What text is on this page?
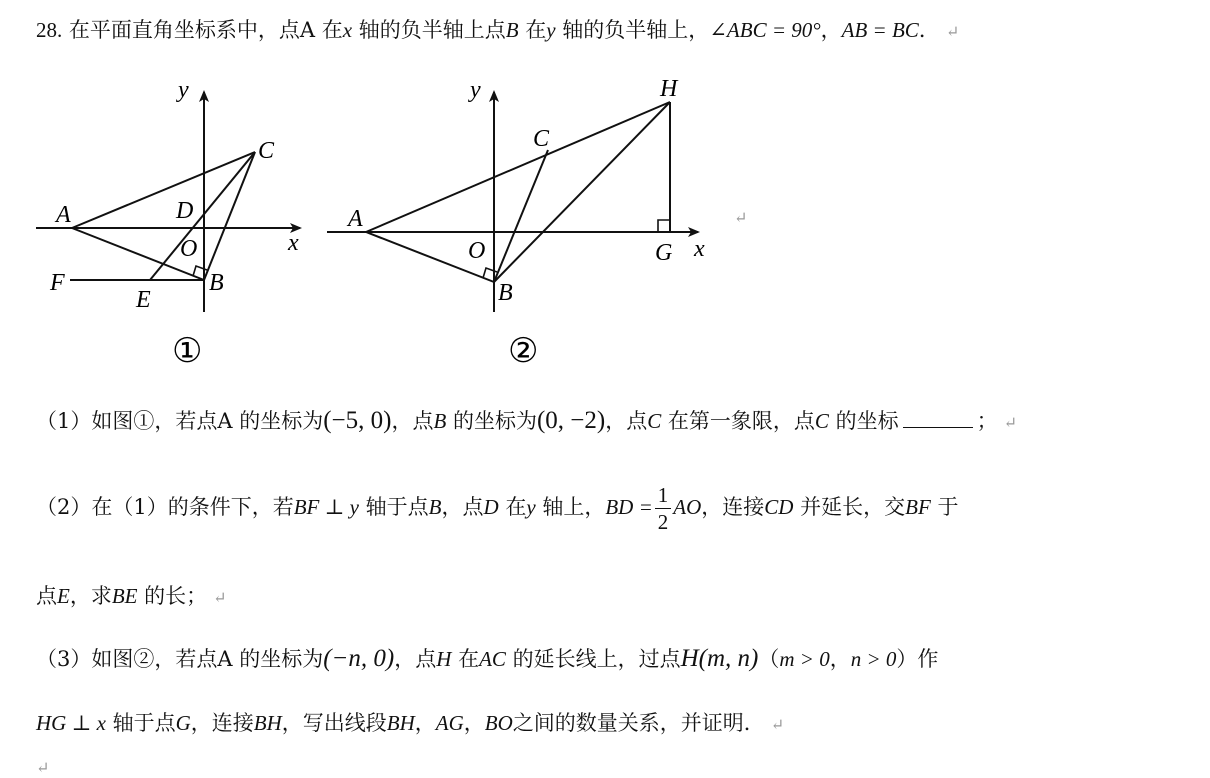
28. 在平面直角坐标系中，点A 在x 轴的负半轴上点B 在y 轴的负半轴上，∠ABC = 90°，AB = BC． ↵
y
x
C
A	D
O
B
F
E
①
y	H
C
A
O	G x
B
②
↵
（1）如图①，若点A 的坐标为(−5, 0)，点B 的坐标为(0, −2)，点C 在第一象限，点C 的坐标	； ↵
（2）在（1）的条件下，若BF ⊥ y 轴于点B，点D 在y 轴上，BD = $\frac{1}{2}$ AO，连接CD 并延长，交BF 于
点E，求BE 的长； ↵
（3）如图②，若点A 的坐标为(−n, 0)，点H 在AC 的延长线上，过点H(m, n)（m > 0，n > 0）作
HG ⊥ x 轴于点G，连接BH，写出线段BH，AG，BO之间的数量关系，并证明． ↵
↵
